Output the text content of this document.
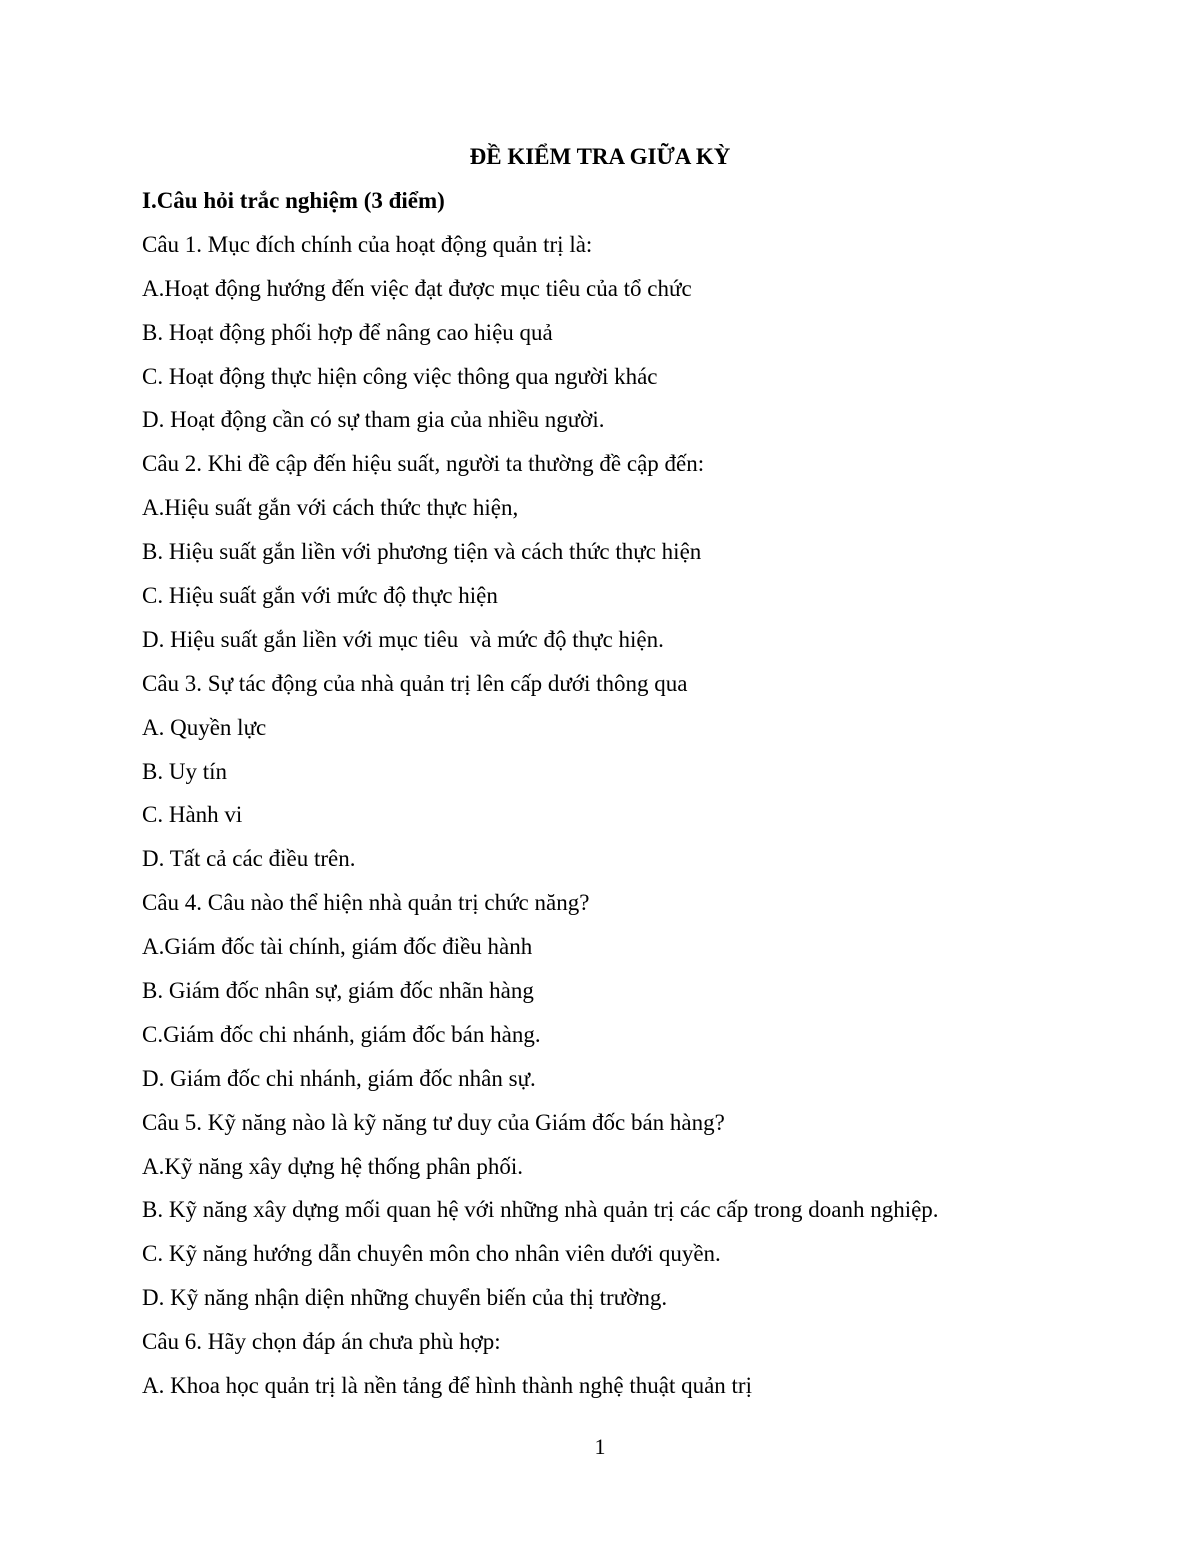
ĐỀ KIỂM TRA GIỮA KỲ
I.Câu hỏi trắc nghiệm (3 điểm)
Câu 1. Mục đích chính của hoạt động quản trị là:
A.Hoạt động hướng đến việc đạt được mục tiêu của tổ chức
B. Hoạt động phối hợp để nâng cao hiệu quả
C. Hoạt động thực hiện công việc thông qua người khác
D. Hoạt động cần có sự tham gia của nhiều người.
Câu 2. Khi đề cập đến hiệu suất, người ta thường đề cập đến:
A.Hiệu suất gắn với cách thức thực hiện,
B. Hiệu suất gắn liền với phương tiện và cách thức thực hiện
C. Hiệu suất gắn với mức độ thực hiện
D. Hiệu suất gắn liền với mục tiêu  và mức độ thực hiện.
Câu 3. Sự tác động của nhà quản trị lên cấp dưới thông qua
A. Quyền lực
B. Uy tín
C. Hành vi
D. Tất cả các điều trên.
Câu 4. Câu nào thể hiện nhà quản trị chức năng?
A.Giám đốc tài chính, giám đốc điều hành
B. Giám đốc nhân sự, giám đốc nhãn hàng
C.Giám đốc chi nhánh, giám đốc bán hàng.
D. Giám đốc chi nhánh, giám đốc nhân sự.
Câu 5. Kỹ năng nào là kỹ năng tư duy của Giám đốc bán hàng?
A.Kỹ năng xây dựng hệ thống phân phối.
B. Kỹ năng xây dựng mối quan hệ với những nhà quản trị các cấp trong doanh nghiệp.
C. Kỹ năng hướng dẫn chuyên môn cho nhân viên dưới quyền.
D. Kỹ năng nhận diện những chuyển biến của thị trường.
Câu 6. Hãy chọn đáp án chưa phù hợp:
A. Khoa học quản trị là nền tảng để hình thành nghệ thuật quản trị
1
